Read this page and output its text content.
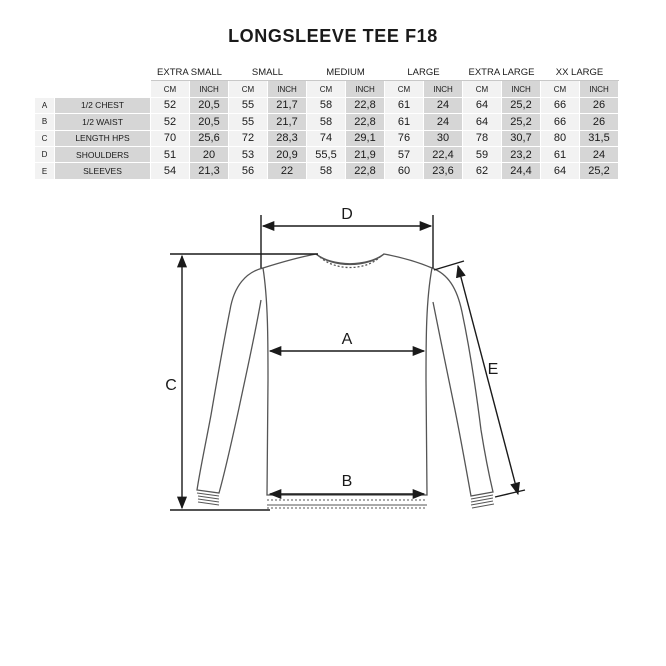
LONGSLEEVE TEE F18
		EXTRA SMALL		SMALL		MEDIUM		LARGE		EXTRA LARGE		XX LARGE	
		CM	INCH	CM	INCH	CM	INCH	CM	INCH	CM	INCH	CM	INCH
A	1/2 CHEST	52	20,5	55	21,7	58	22,8	61	24	64	25,2	66	26
B	1/2 WAIST	52	20,5	55	21,7	58	22,8	61	24	64	25,2	66	26
C	LENGTH HPS	70	25,6	72	28,3	74	29,1	76	30	78	30,7	80	31,5
D	SHOULDERS	51	20	53	20,9	55,5	21,9	57	22,4	59	23,2	61	24
E	SLEEVES	54	21,3	56	22	58	22,8	60	23,6	62	24,4	64	25,2
D
A
B
C
E
